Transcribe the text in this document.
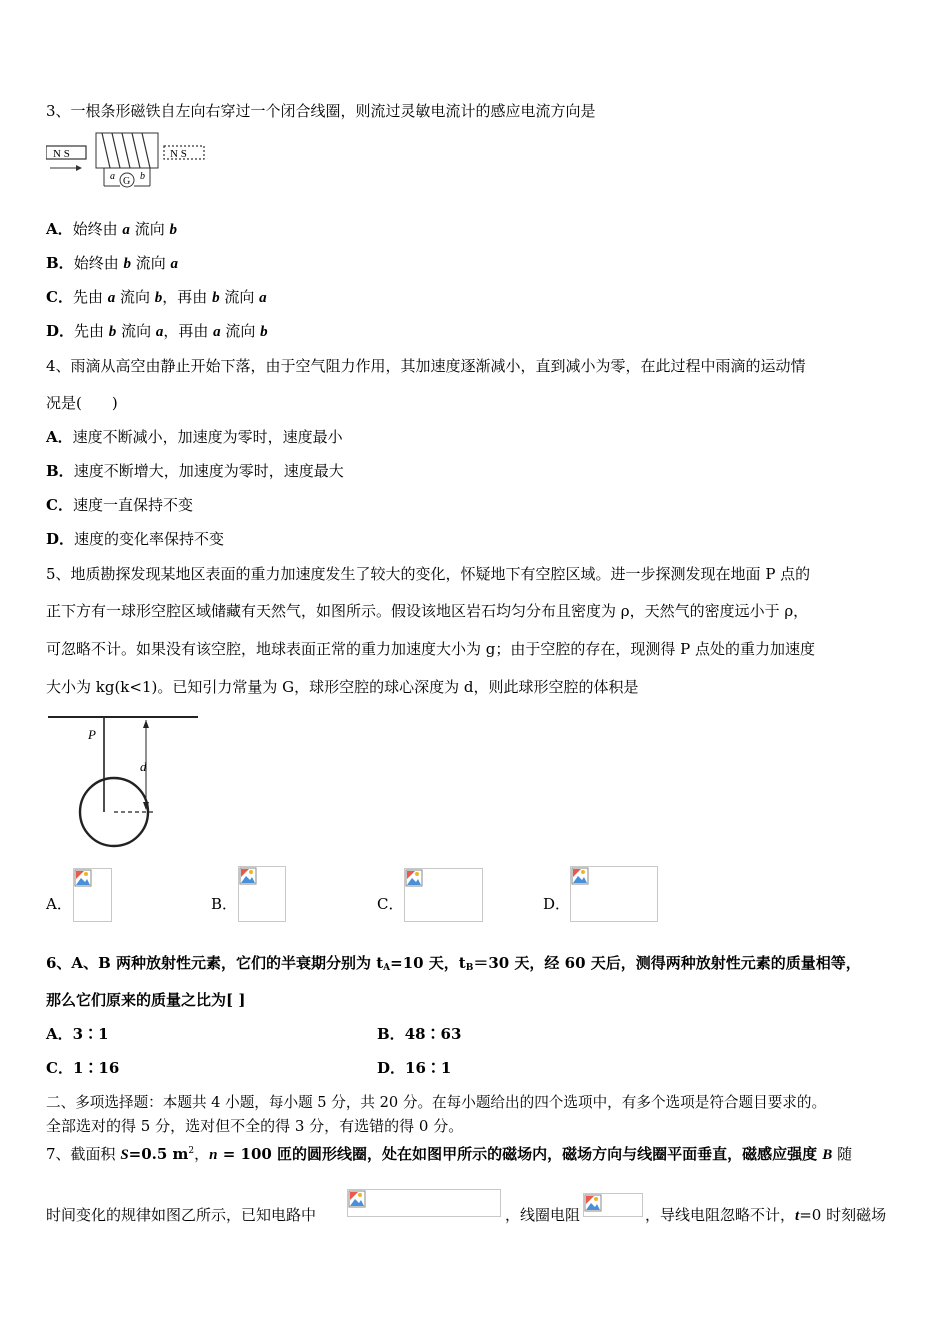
3、一根条形磁铁自左向右穿过一个闭合线圈，则流过灵敏电流计的感应电流方向是
N S
G
a	b
N S
A．始终由 a 流向 b
B．始终由 b 流向 a
C．先由 a 流向 b，再由 b 流向 a
D．先由 b 流向 a，再由 a 流向 b
4、雨滴从高空由静止开始下落，由于空气阻力作用，其加速度逐渐减小，直到减小为零，在此过程中雨滴的运动情
况是(　　)
A．速度不断减小，加速度为零时，速度最小
B．速度不断增大，加速度为零时，速度最大
C．速度一直保持不变
D．速度的变化率保持不变
5、地质勘探发现某地区表面的重力加速度发生了较大的变化，怀疑地下有空腔区域。进一步探测发现在地面 P 点的
正下方有一球形空腔区域储藏有天然气，如图所示。假设该地区岩石均匀分布且密度为 ρ，天然气的密度远小于 ρ，
可忽略不计。如果没有该空腔，地球表面正常的重力加速度大小为 g；由于空腔的存在，现测得 P 点处的重力加速度
大小为 kg(k<1)。已知引力常量为 G，球形空腔的球心深度为 d，则此球形空腔的体积是
P
d
A．	B．	C．	D．
6、A、B 两种放射性元素，它们的半衰期分别为 $t_A=10$ 天，$t_B=30$ 天，经 60 天后，测得两种放射性元素的质量相等，
那么它们原来的质量之比为[ ]
A．3∶1	B．48∶63
C．1∶16	D．16∶1
二、多项选择题：本题共 4 小题，每小题 5 分，共 20 分。在每小题给出的四个选项中，有多个选项是符合题目要求的。
全部选对的得 5 分，选对但不全的得 3 分，有选错的得 0 分。
7、截面积 S=0.5 $m^2$，n = 100 匝的圆形线圈，处在如图甲所示的磁场内，磁场方向与线圈平面垂直，磁感应强度 B 随
时间变化的规律如图乙所示，已知电路中	，线圈电阻	，导线电阻忽略不计，t=0 时刻磁场
